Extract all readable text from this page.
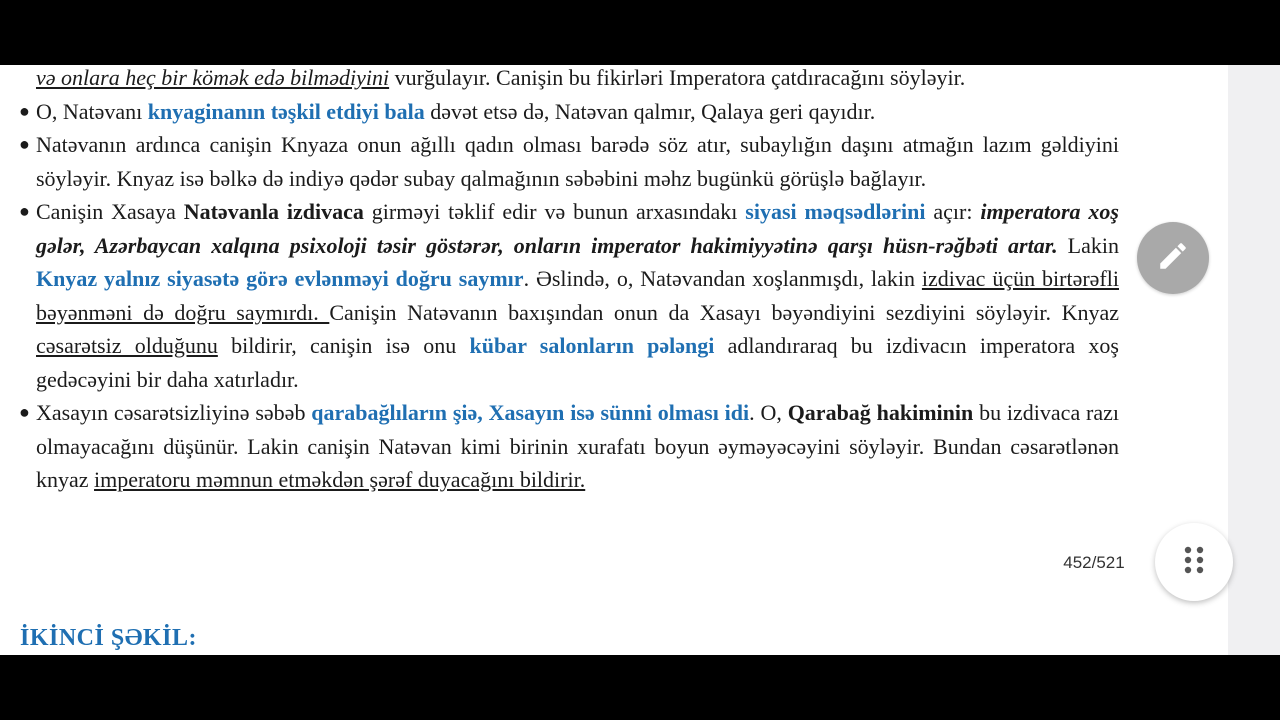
və onlara heç bir kömək edə bilmədiyini vurğulayır. Canişin bu fikirləri Imperatora çatdıracağını söyləyir.

● O, Natəvanı knyaginanın təşkil etdiyi bala dəvət etsə də, Natəvan qalmır, Qalaya geri qayıdır.

● Natəvanın ardınca canişin Knyaza onun ağıllı qadın olması barədə söz atır, subaylığın daşını atmağın lazım gəldiyini söyləyir. Knyaz isə bəlkə də indiyə qədər subay qalmağının səbəbini məhz bugünkü görüşlə bağlayır.

● Canişin Xasaya Natəvanla izdivaca girməyi təklif edir və bunun arxasındakı siyasi məqsədlərini açır: imperatora xoş gələr, Azərbaycan xalqına psixoloji təsir göstərər, onların imperator hakimiyyətinə qarşı hüsn-rəğbəti artar. Lakin Knyaz yalnız siyasətə görə evlənməyi doğru saymır. Əslində, o, Natəvandan xoşlanmışdı, lakin izdivac üçün birtərəfli bəyənməni də doğru saymırdı. Canişin Natəvanın baxışından onun da Xasayı bəyəndiyini sezdiyini söyləyir. Knyaz cəsarətsiz olduğunu bildirir, canişin isə onu kübar salonların pələngi adlandıraraq bu izdivacın imperatora xoş gedəcəyini bir daha xatırladır.

● Xasayın cəsarətsizliyinə səbəb qarabağlıların şiə, Xasayın isə sünni olması idi. O, Qarabağ hakiminin bu izdivaca razı olmayacağını düşünür. Lakin canişin Natəvan kimi birinin xurafatı boyun əyməyəcəyini söyləyir. Bundan cəsarətlənən knyaz imperatoru məmnun etməkdən şərəf duyacağını bildirir.

İKİNCİ ŞƏKİL:
452/521
